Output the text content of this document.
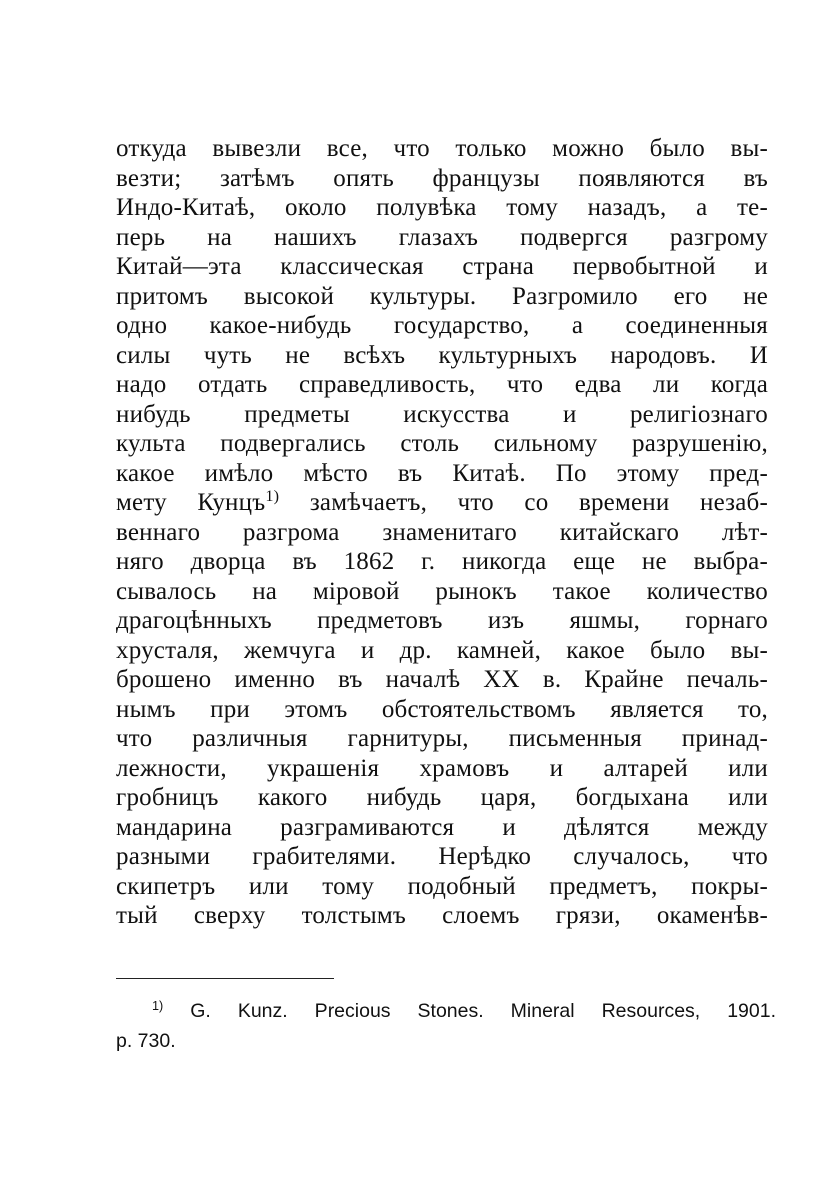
откуда вывезли все, что только можно было вы-
везти; затѣмъ опять французы появляются въ
Индо-Китаѣ, около полувѣка тому назадъ, а те-
перь на нашихъ глазахъ подвергся разгрому
Китай—эта классическая страна первобытной и
притомъ высокой культуры. Разгромило его не
одно какое-нибудь государство, а соединенныя
силы чуть не всѣхъ культурныхъ народовъ. И
надо отдать справедливость, что едва ли когда
нибудь предметы искусства и религіознаго
культа подвергались столь сильному разрушенію,
какое имѣло мѣсто въ Китаѣ. По этому пред-
мету Кунцъ$^{1)}$ замѣчаетъ, что со времени незаб-
веннаго разгрома знаменитаго китайскаго лѣт-
няго дворца въ 1862 г. никогда еще не выбра-
сывалось на міровой рынокъ такое количество
драгоцѣнныхъ предметовъ изъ яшмы, горнаго
хрусталя, жемчуга и др. камней, какое было вы-
брошено именно въ началѣ XX в. Крайне печаль-
нымъ при этомъ обстоятельствомъ является то,
что различныя гарнитуры, письменныя принад-
лежности, украшенія храмовъ и алтарей или
гробницъ какого нибудь царя, богдыхана или
мандарина разграмиваются и дѣлятся между
разными грабителями. Нерѣдко случалось, что
скипетръ или тому подобный предметъ, покры-
тый сверху толстымъ слоемъ грязи, окаменѣв-
$^{1)}$ G. Kunz. Precious Stones. Mineral Resources, 1901.
p. 730.
